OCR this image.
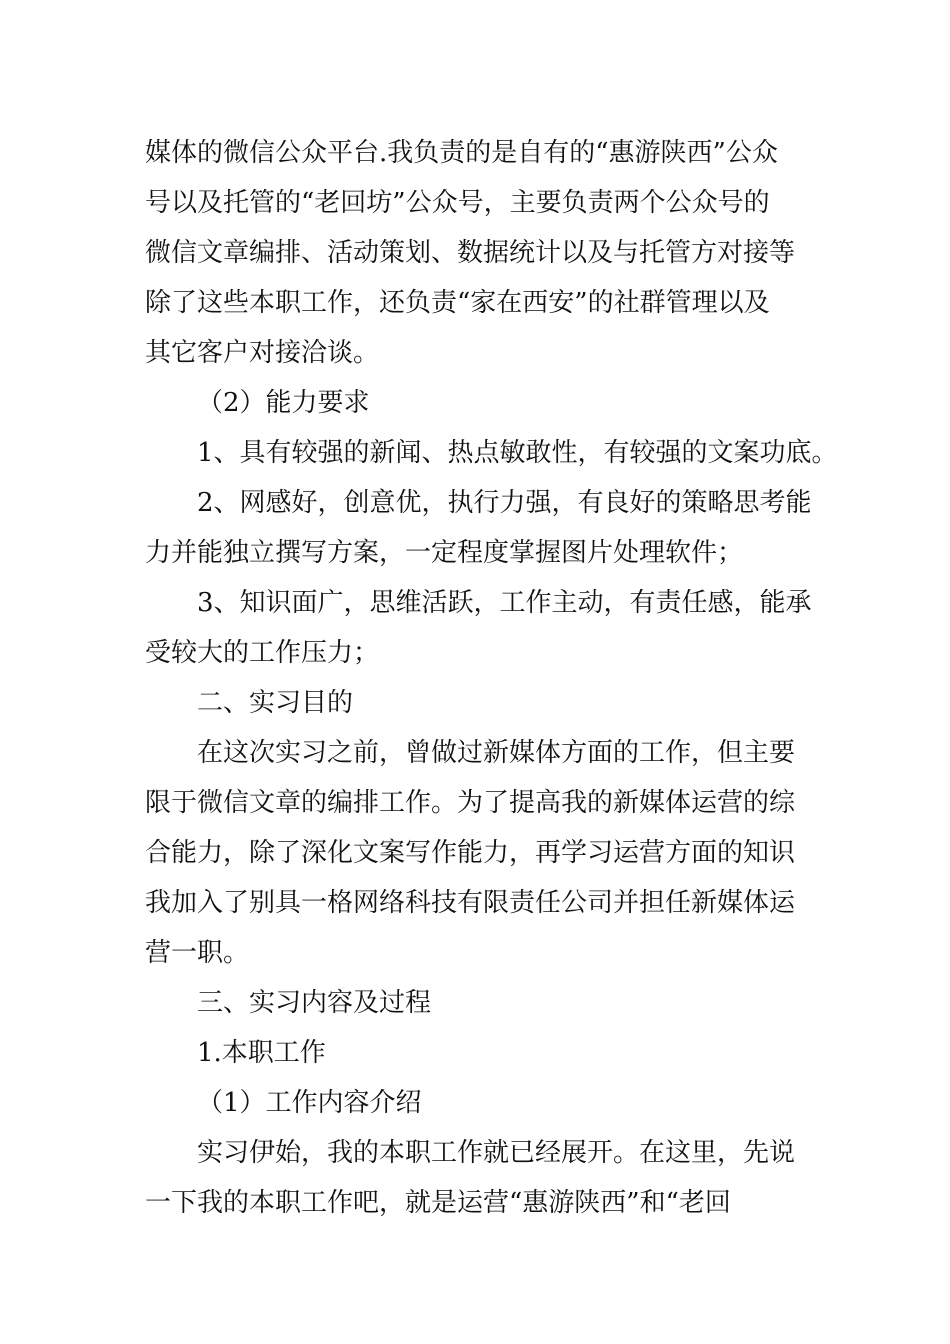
媒体的微信公众平台.我负责的是自有的“惠游陕西”公众
号以及托管的“老回坊”公众号，主要负责两个公众号的
微信文章编排、活动策划、数据统计以及与托管方对接等
除了这些本职工作，还负责“家在西安”的社群管理以及
其它客户对接洽谈。
（2）能力要求
1、具有较强的新闻、热点敏敢性，有较强的文案功底。
2、网感好，创意优，执行力强，有良好的策略思考能
力并能独立撰写方案，一定程度掌握图片处理软件；
3、知识面广，思维活跃，工作主动，有责任感，能承
受较大的工作压力；
二、实习目的
在这次实习之前，曾做过新媒体方面的工作，但主要
限于微信文章的编排工作。为了提高我的新媒体运营的综
合能力，除了深化文案写作能力，再学习运营方面的知识
我加入了别具一格网络科技有限责任公司并担任新媒体运
营一职。
三、实习内容及过程
1.本职工作
（1）工作内容介绍
实习伊始，我的本职工作就已经展开。在这里，先说
一下我的本职工作吧，就是运营“惠游陕西”和“老回
